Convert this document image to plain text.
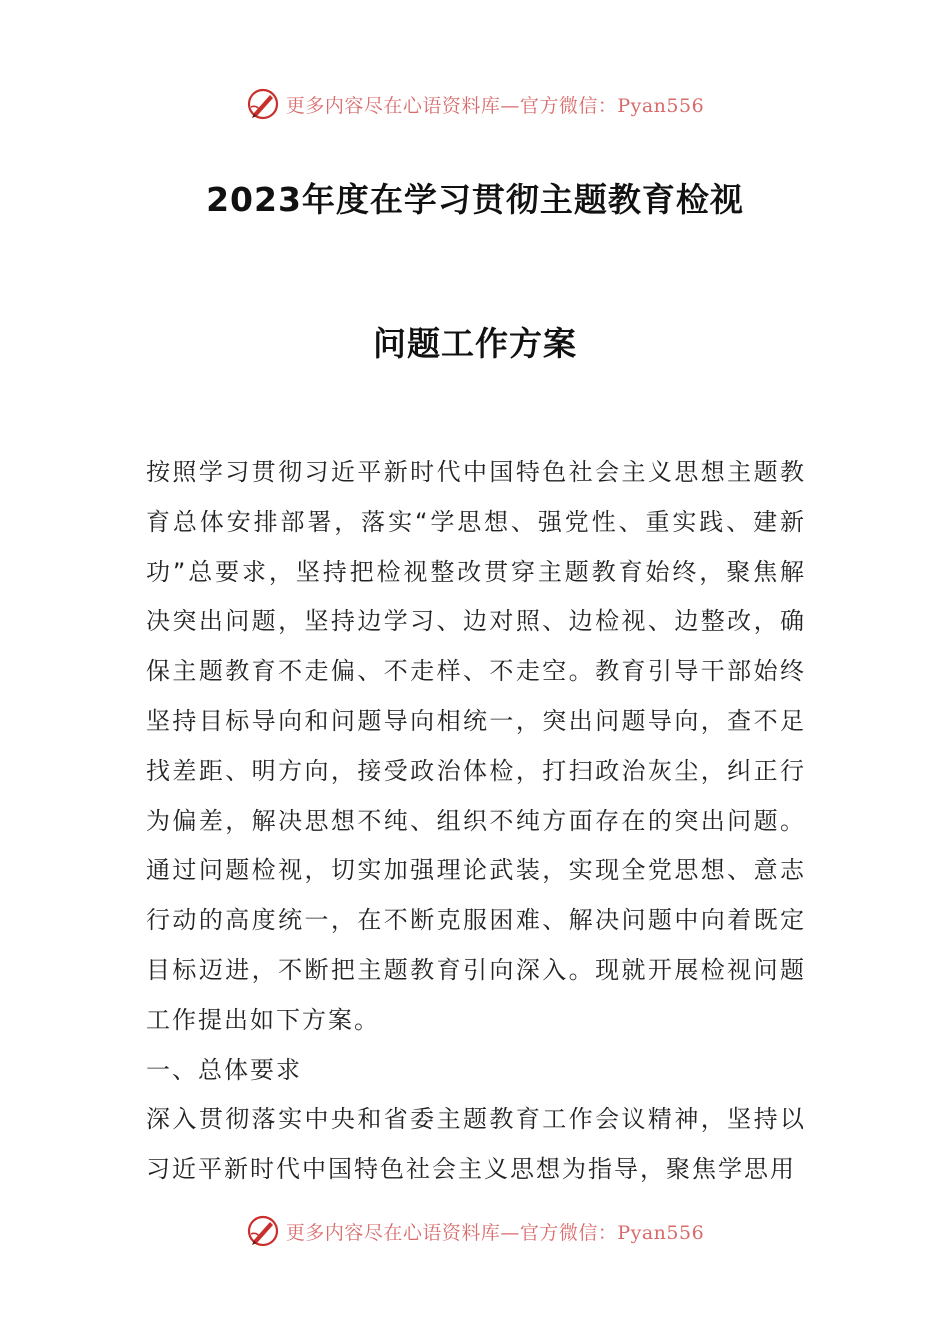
更多内容尽在心语资料库—官方微信：Pyan556
2023年度在学习贯彻主题教育检视
问题工作方案

按照学习贯彻习近平新时代中国特色社会主义思想主题教育总体安排部署，落实“学思想、强党性、重实践、建新功”总要求，坚持把检视整改贯穿主题教育始终，聚焦解决突出问题，坚持边学习、边对照、边检视、边整改，确保主题教育不走偏、不走样、不走空。教育引导干部始终坚持目标导向和问题导向相统一，突出问题导向，查不足找差距、明方向，接受政治体检，打扫政治灰尘，纠正行为偏差，解决思想不纯、组织不纯方面存在的突出问题。通过问题检视，切实加强理论武装，实现全党思想、意志行动的高度统一，在不断克服困难、解决问题中向着既定目标迈进，不断把主题教育引向深入。现就开展检视问题工作提出如下方案。

一、总体要求

深入贯彻落实中央和省委主题教育工作会议精神，坚持以习近平新时代中国特色社会主义思想为指导，聚焦学思用

更多内容尽在心语资料库—官方微信：Pyan556
